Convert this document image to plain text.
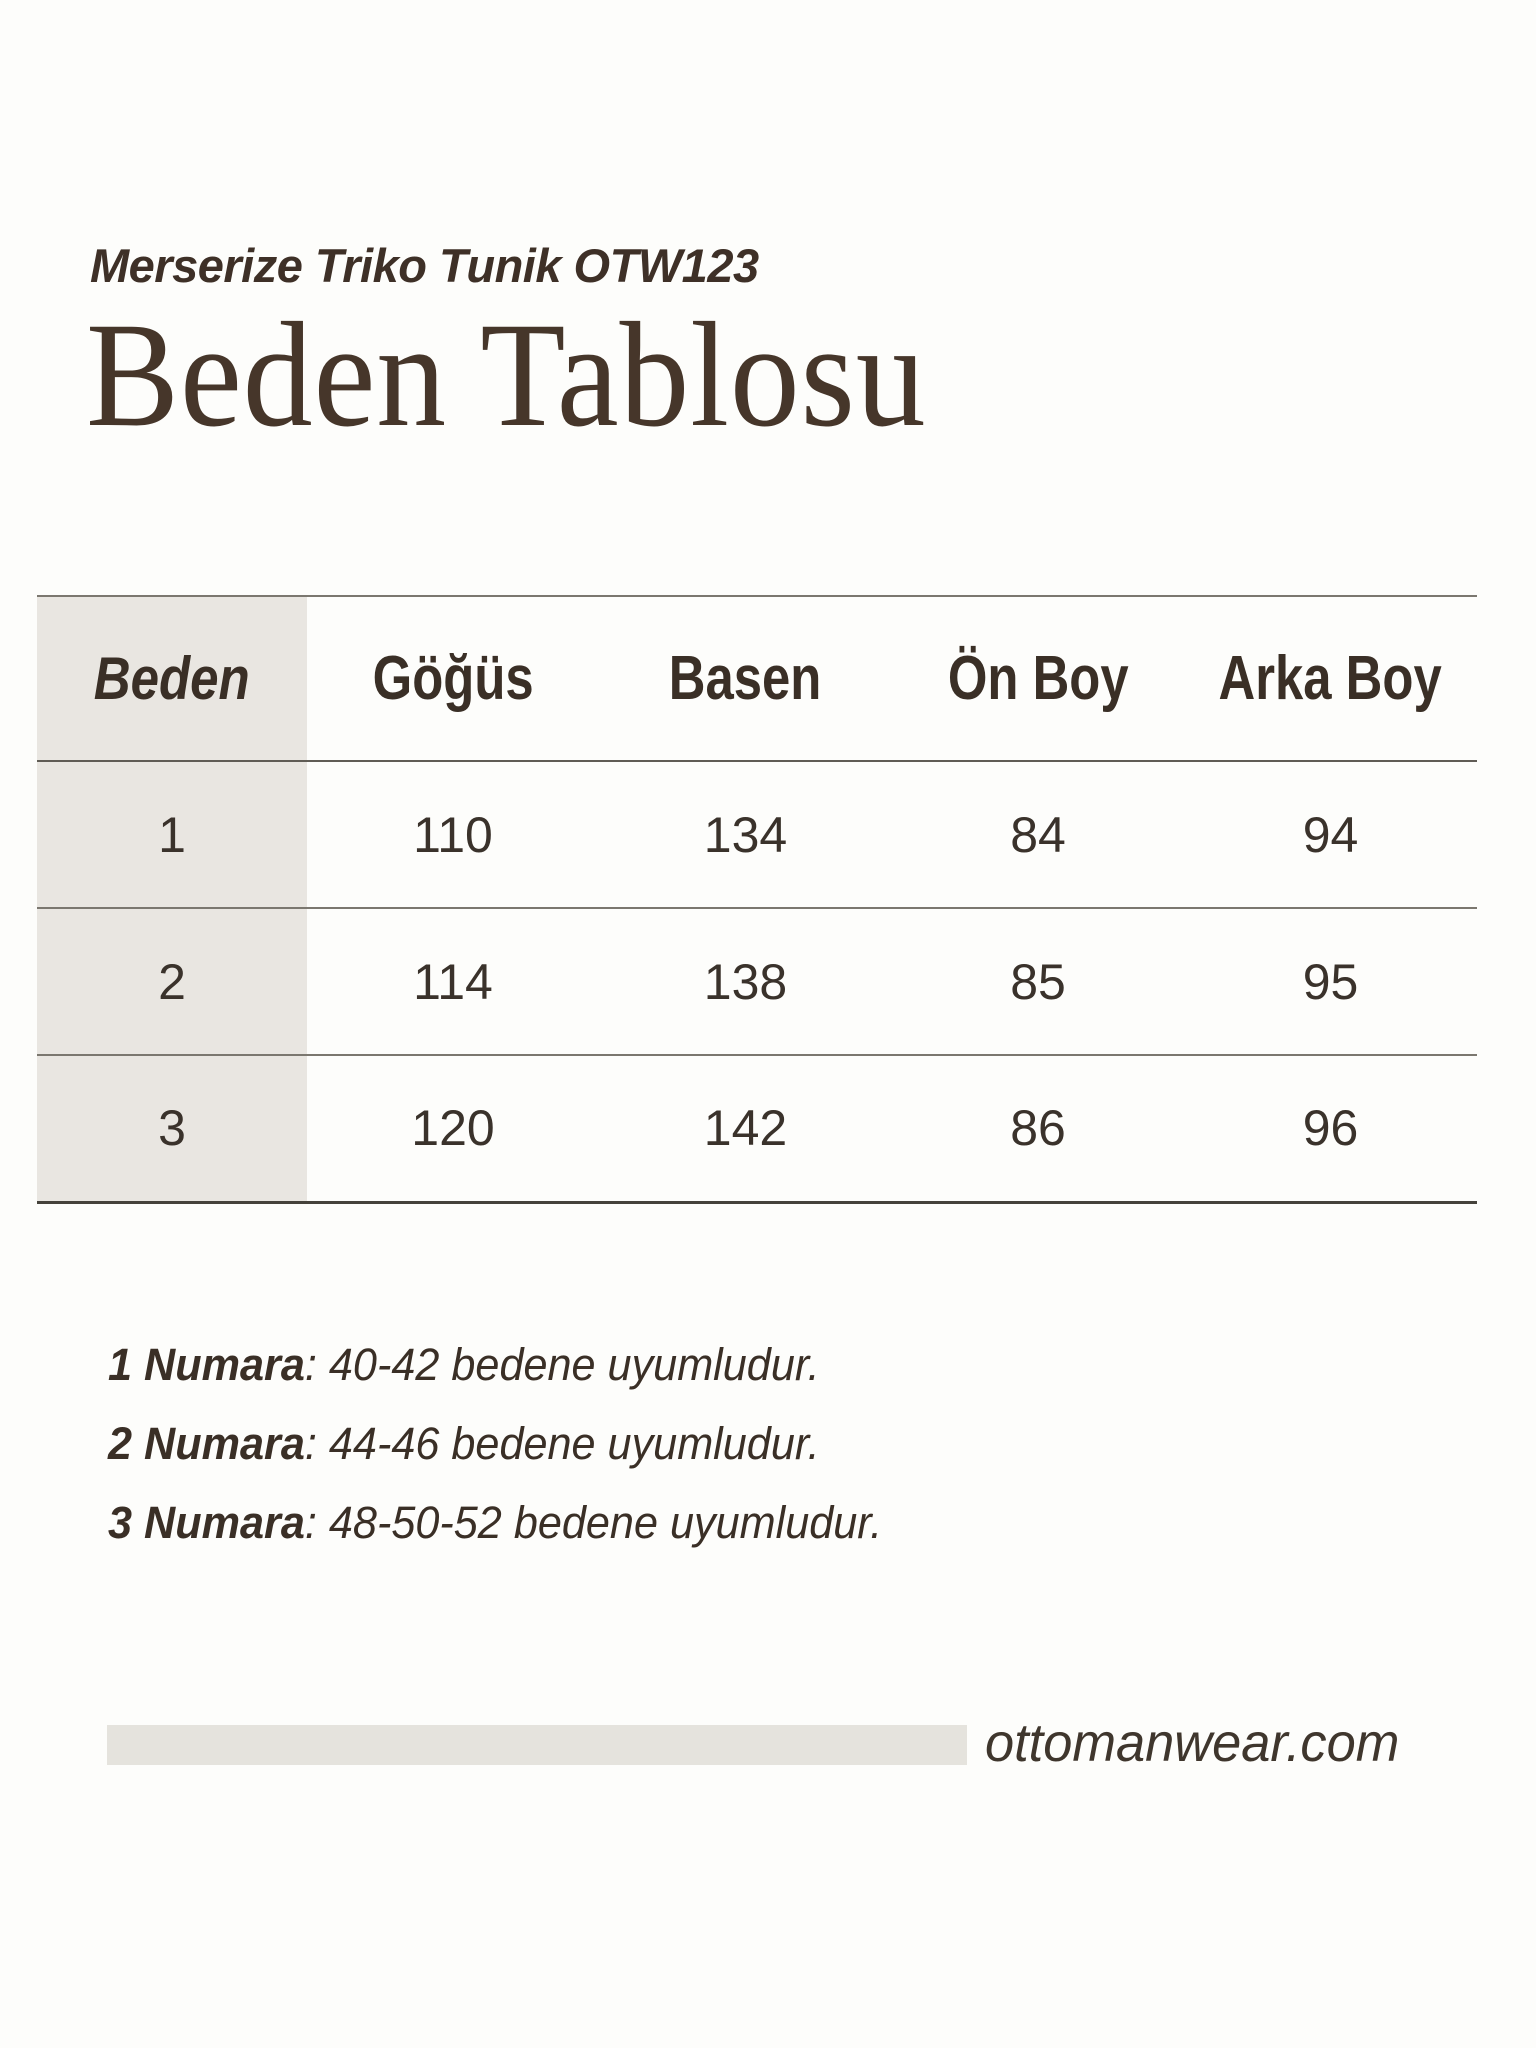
Merserize Triko Tunik OTW123
Beden Tablosu
Beden	Göğüs	Basen	Ön Boy	Arka Boy
1	110	134	84	94
2	114	138	85	95
3	120	142	86	96
1 Numara: 40-42 bedene uyumludur.
2 Numara: 44-46 bedene uyumludur.
3 Numara: 48-50-52 bedene uyumludur.
ottomanwear.com
